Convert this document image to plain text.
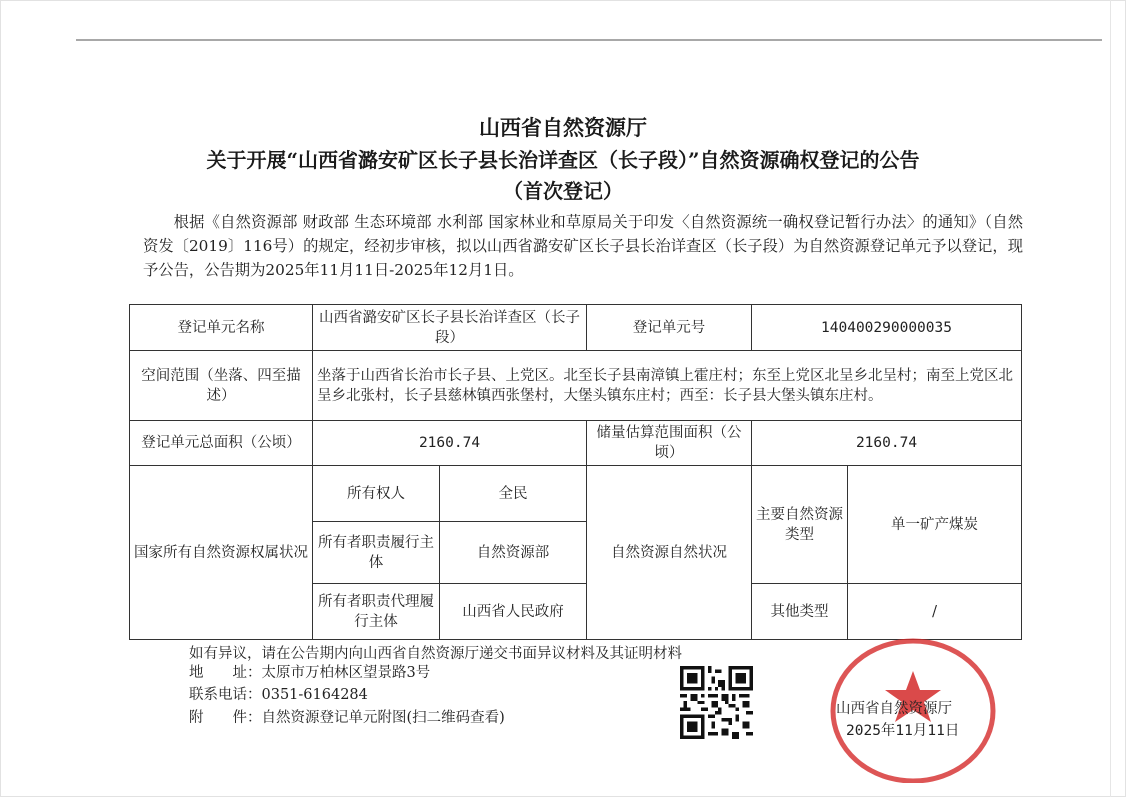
山西省自然资源厅

关于开展“山西省潞安矿区长子县长治详查区（长子段）”自然资源确权登记的公告

（首次登记）

根据《自然资源部 财政部 生态环境部 水利部 国家林业和草原局关于印发〈自然资源统一确权登记暂行办法〉的通知》（自然资发〔2019〕116号）的规定，经初步审核，拟以山西省潞安矿区长子县长治详查区（长子段）为自然资源登记单元予以登记，现予公告，公告期为2025年11月11日-2025年12月1日。

登记单元名称	山西省潞安矿区长子县长治详查区（长子段）		登记单元号	140400290000035	
空间范围（坐落、四至描述）	坐落于山西省长治市长子县、上党区。北至长子县南漳镇上霍庄村；东至上党区北呈乡北呈村；南至上党区北呈乡北张村，长子县慈林镇西张堡村，大堡头镇东庄村；西至：长子县大堡头镇东庄村。				
登记单元总面积（公顷）	2160.74		储量估算范围面积（公顷）	2160.74	
国家所有自然资源权属状况	所有权人	全民	自然资源自然状况	主要自然资源类型	单一矿产煤炭
	所有者职责履行主体	自然资源部			
	所有者职责代理履行主体	山西省人民政府		其他类型	/

如有异议，请在公告期内向山西省自然资源厅递交书面异议材料及其证明材料

地　　址：太原市万柏林区望景路3号

联系电话：0351-6164284

附　　件：自然资源登记单元附图(扫二维码查看)

山西省自然资源厅

2025年11月11日
